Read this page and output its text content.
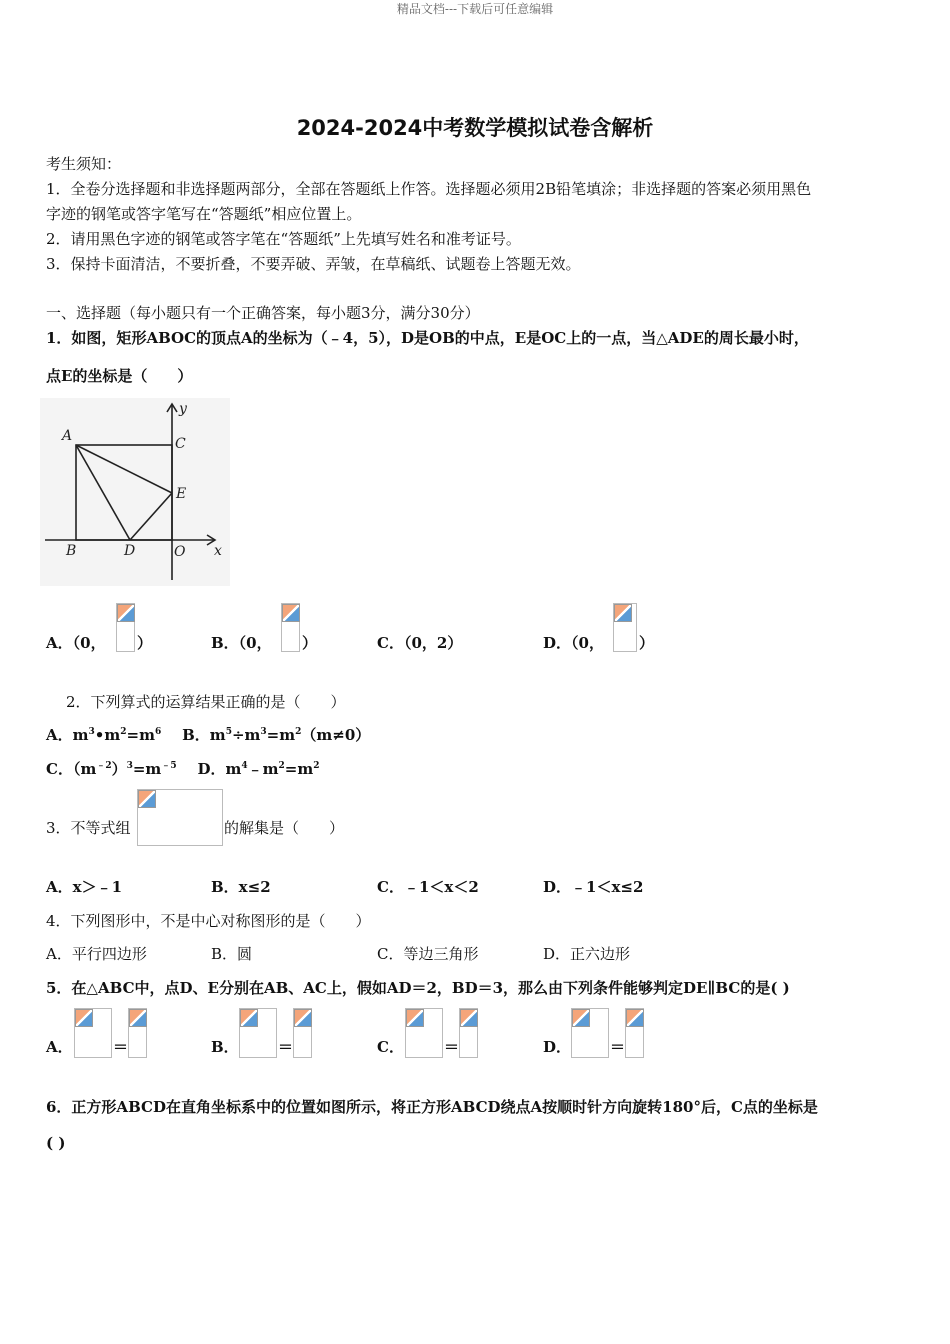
精品文档---下载后可任意编辑
2024-2024中考数学模拟试卷含解析
考生须知：
1．全卷分选择题和非选择题两部分，全部在答题纸上作答。选择题必须用2B铅笔填涂；非选择题的答案必须用黑色
字迹的钢笔或答字笔写在“答题纸”相应位置上。
2．请用黑色字迹的钢笔或答字笔在“答题纸”上先填写姓名和准考证号。
3．保持卡面清洁，不要折叠，不要弄破、弄皱，在草稿纸、试题卷上答题无效。
一、选择题（每小题只有一个正确答案，每小题3分，满分30分）
1．如图，矩形ABOC的顶点A的坐标为（﹣4，5），D是OB的中点，E是OC上的一点，当△ADE的周长最小时，
点E的坐标是（　　）
A	C
E
B	D	O x
y
A．（0， ）	B．（0， ）	C．（0，2）	D．（0， ）
2．下列算式的运算结果正确的是（　　）
A．$m^3•m^2=m^6$ B．$m^5\div m^3=m^2(m\ne 0)$
C．$(m^{﹣2})^3=m^{﹣5}$ D．$m^4﹣m^2=m^2$
3．不等式组	的解集是（　　）
A．x＞﹣1	B．x≤2	C．﹣1＜x＜2	D．﹣1＜x≤2
4．下列图形中，不是中心对称图形的是（　　）
A．平行四边形	B．圆	C．等边三角形	D．正六边形
5．在△ABC中，点D、E分别在AB、AC上，假如AD＝2，BD＝3，那么由下列条件能够判定DE∥BC的是( )
A．	＝	B．	＝	C．	＝	D．	＝
6．正方形ABCD在直角坐标系中的位置如图所示，将正方形ABCD绕点A按顺时针方向旋转180°后，C点的坐标是
( )
